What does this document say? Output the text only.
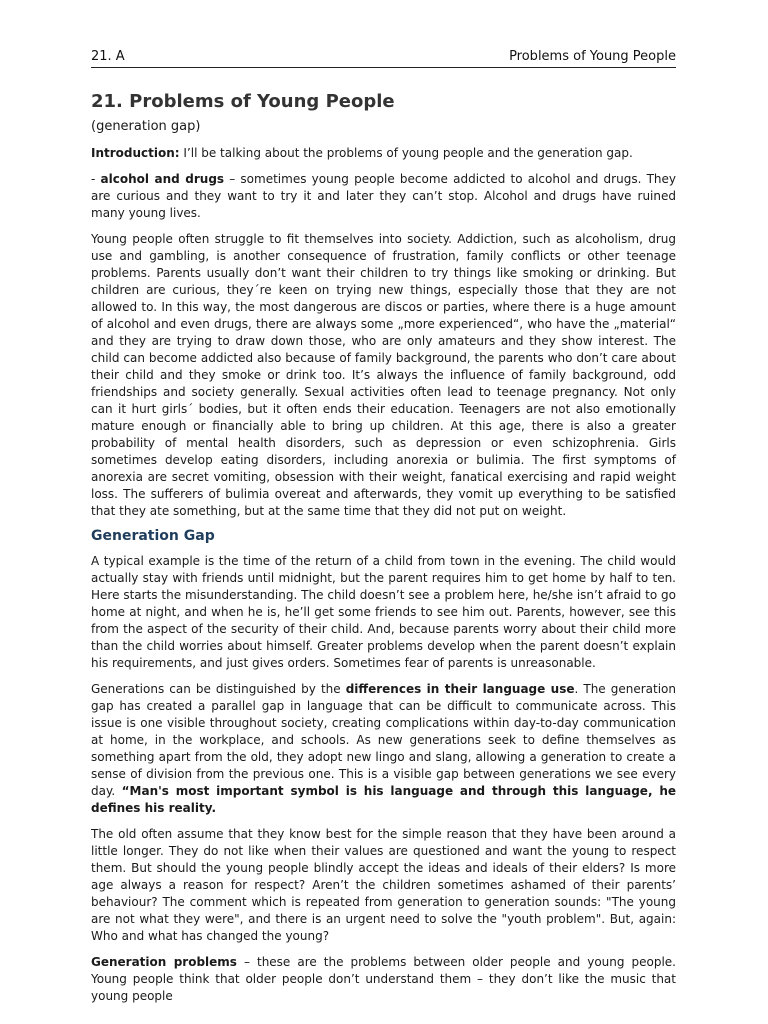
21. A	Problems of Young People
21. Problems of Young People
(generation gap)

Introduction: I’ll be talking about the problems of young people and the generation gap.

- alcohol and drugs – sometimes young people become addicted to alcohol and drugs. They are curious and they want to try it and later they can’t stop. Alcohol and drugs have ruined many young lives.

Young people often struggle to fit themselves into society. Addiction, such as alcoholism, drug use and gambling, is another consequence of frustration, family conflicts or other teenage problems. Parents usually don’t want their children to try things like smoking or drinking. But children are curious, they´re keen on trying new things, especially those that they are not allowed to. In this way, the most dangerous are discos or parties, where there is a huge amount of alcohol and even drugs, there are always some „more experienced“, who have the „material“ and they are trying to draw down those, who are only amateurs and they show interest. The child can become addicted also because of family background, the parents who don’t care about their child and they smoke or drink too. It’s always the influence of family background, odd friendships and society generally. Sexual activities often lead to teenage pregnancy. Not only can it hurt girls´ bodies, but it often ends their education. Teenagers are not also emotionally mature enough or financially able to bring up children. At this age, there is also a greater probability of mental health disorders, such as depression or even schizophrenia. Girls sometimes develop eating disorders, including anorexia or bulimia. The first symptoms of anorexia are secret vomiting, obsession with their weight, fanatical exercising and rapid weight loss. The sufferers of bulimia overeat and afterwards, they vomit up everything to be satisfied that they ate something, but at the same time that they did not put on weight.

Generation Gap

A typical example is the time of the return of a child from town in the evening. The child would actually stay with friends until midnight, but the parent requires him to get home by half to ten. Here starts the misunderstanding. The child doesn’t see a problem here, he/she isn’t afraid to go home at night, and when he is, he’ll get some friends to see him out. Parents, however, see this from the aspect of the security of their child. And, because parents worry about their child more than the child worries about himself. Greater problems develop when the parent doesn’t explain his requirements, and just gives orders. Sometimes fear of parents is unreasonable.

Generations can be distinguished by the differences in their language use. The generation gap has created a parallel gap in language that can be difficult to communicate across. This issue is one visible throughout society, creating complications within day-to-day communication at home, in the workplace, and schools. As new generations seek to define themselves as something apart from the old, they adopt new lingo and slang, allowing a generation to create a sense of division from the previous one. This is a visible gap between generations we see every day. “Man's most important symbol is his language and through this language, he defines his reality.

The old often assume that they know best for the simple reason that they have been around a little longer. They do not like when their values are questioned and want the young to respect them. But should the young people blindly accept the ideas and ideals of their elders? Is more age always a reason for respect? Aren’t the children sometimes ashamed of their parents’ behaviour? The comment which is repeated from generation to generation sounds: "The young are not what they were", and there is an urgent need to solve the "youth problem". But, again: Who and what has changed the young?

Generation problems – these are the problems between older people and young people. Young people think that older people don’t understand them – they don’t like the music that young people
